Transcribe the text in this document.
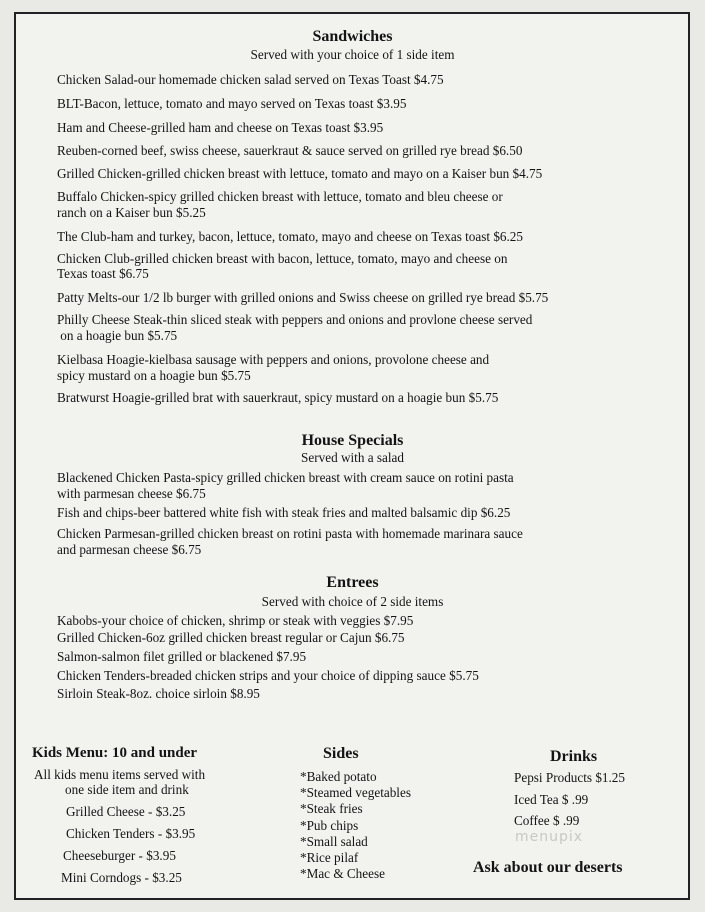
Sandwiches
Served with your choice of 1 side item
Chicken Salad-our homemade chicken salad served on Texas Toast $4.75
BLT-Bacon, lettuce, tomato and mayo served on Texas toast $3.95
Ham and Cheese-grilled ham and cheese on Texas toast $3.95
Reuben-corned beef, swiss cheese, sauerkraut & sauce served on grilled rye bread $6.50
Grilled Chicken-grilled chicken breast with lettuce, tomato and mayo on a Kaiser bun $4.75
Buffalo Chicken-spicy grilled chicken breast with lettuce, tomato and bleu cheese or
ranch on a Kaiser bun $5.25
The Club-ham and turkey, bacon, lettuce, tomato, mayo and cheese on Texas toast $6.25
Chicken Club-grilled chicken breast with bacon, lettuce, tomato, mayo and cheese on
Texas toast $6.75
Patty Melts-our 1/2 lb burger with grilled onions and Swiss cheese on grilled rye bread $5.75
Philly Cheese Steak-thin sliced steak with peppers and onions and provlone cheese served
on a hoagie bun $5.75
Kielbasa Hoagie-kielbasa sausage with peppers and onions, provolone cheese and
spicy mustard on a hoagie bun $5.75
Bratwurst Hoagie-grilled brat with sauerkraut, spicy mustard on a hoagie bun $5.75
House Specials
Served with a salad
Blackened Chicken Pasta-spicy grilled chicken breast with cream sauce on rotini pasta
with parmesan cheese $6.75
Fish and chips-beer battered white fish with steak fries and malted balsamic dip $6.25
Chicken Parmesan-grilled chicken breast on rotini pasta with homemade marinara sauce
and parmesan cheese $6.75
Entrees
Served with choice of 2 side items
Kabobs-your choice of chicken, shrimp or steak with veggies $7.95
Grilled Chicken-6oz grilled chicken breast regular or Cajun $6.75
Salmon-salmon filet grilled or blackened $7.95
Chicken Tenders-breaded chicken strips and your choice of dipping sauce $5.75
Sirloin Steak-8oz. choice sirloin $8.95
Kids Menu: 10 and under
All kids menu items served with
one side item and drink
Grilled Cheese - $3.25
Chicken Tenders - $3.95
Cheeseburger - $3.95
Mini Corndogs - $3.25
Sides
*Baked potato
*Steamed vegetables
*Steak fries
*Pub chips
*Small salad
*Rice pilaf
*Mac & Cheese
Drinks
Pepsi Products $1.25
Iced Tea $ .99
Coffee $ .99
menupix
Ask about our deserts
